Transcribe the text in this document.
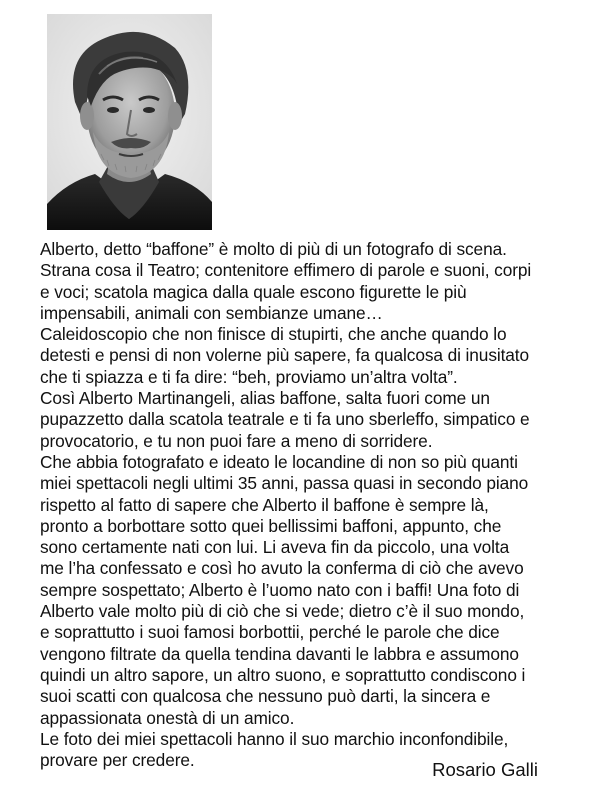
Alberto, detto “baffone” è molto di più di un fotografo di scena.
Strana cosa il Teatro; contenitore effimero di parole e suoni, corpi
e voci; scatola magica dalla quale escono figurette le più
impensabili, animali con sembianze umane…
Caleidoscopio che non finisce di stupirti, che anche quando lo
detesti e pensi di non volerne più sapere, fa qualcosa di inusitato
che ti spiazza e ti fa dire: “beh, proviamo un’altra volta”.
Così Alberto Martinangeli, alias baffone, salta fuori come un
pupazzetto dalla scatola teatrale e ti fa uno sberleffo, simpatico e
provocatorio, e tu non puoi fare a meno di sorridere.
Che abbia fotografato e ideato le locandine di non so più quanti
miei spettacoli negli ultimi 35 anni, passa quasi in secondo piano
rispetto al fatto di sapere che Alberto il baffone è sempre là,
pronto a borbottare sotto quei bellissimi baffoni, appunto, che
sono certamente nati con lui. Li aveva fin da piccolo, una volta
me l’ha confessato e così ho avuto la conferma di ciò che avevo
sempre sospettato; Alberto è l’uomo nato con i baffi! Una foto di
Alberto vale molto più di ciò che si vede; dietro c’è il suo mondo,
e soprattutto i suoi famosi borbottii, perché le parole che dice
vengono filtrate da quella tendina davanti le labbra e assumono
quindi un altro sapore, un altro suono, e soprattutto condiscono i
suoi scatti con qualcosa che nessuno può darti, la sincera e
appassionata onestà di un amico.
Le foto dei miei spettacoli hanno il suo marchio inconfondibile,
provare per credere.	Rosario Galli
